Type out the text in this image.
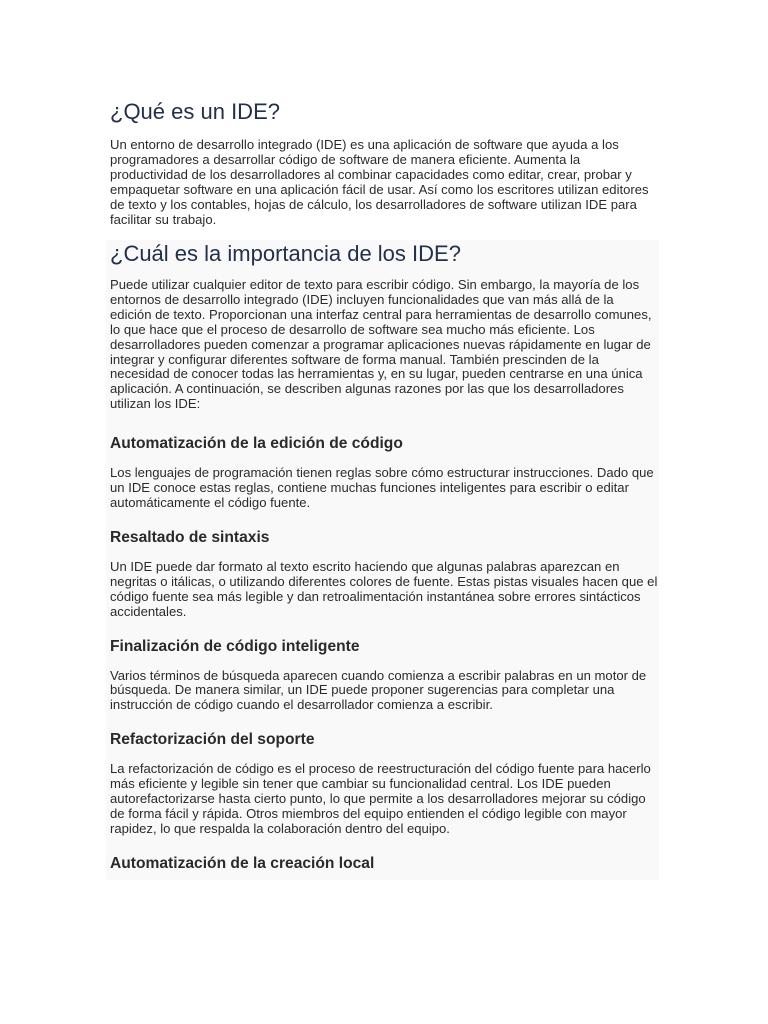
¿Qué es un IDE?

Un entorno de desarrollo integrado (IDE) es una aplicación de software que ayuda a los programadores a desarrollar código de software de manera eficiente. Aumenta la productividad de los desarrolladores al combinar capacidades como editar, crear, probar y empaquetar software en una aplicación fácil de usar. Así como los escritores utilizan editores de texto y los contables, hojas de cálculo, los desarrolladores de software utilizan IDE para facilitar su trabajo.

¿Cuál es la importancia de los IDE?

Puede utilizar cualquier editor de texto para escribir código. Sin embargo, la mayoría de los entornos de desarrollo integrado (IDE) incluyen funcionalidades que van más allá de la edición de texto. Proporcionan una interfaz central para herramientas de desarrollo comunes, lo que hace que el proceso de desarrollo de software sea mucho más eficiente. Los desarrolladores pueden comenzar a programar aplicaciones nuevas rápidamente en lugar de integrar y configurar diferentes software de forma manual. También prescinden de la necesidad de conocer todas las herramientas y, en su lugar, pueden centrarse en una única aplicación. A continuación, se describen algunas razones por las que los desarrolladores utilizan los IDE:

Automatización de la edición de código

Los lenguajes de programación tienen reglas sobre cómo estructurar instrucciones. Dado que un IDE conoce estas reglas, contiene muchas funciones inteligentes para escribir o editar automáticamente el código fuente.

Resaltado de sintaxis

Un IDE puede dar formato al texto escrito haciendo que algunas palabras aparezcan en negritas o itálicas, o utilizando diferentes colores de fuente. Estas pistas visuales hacen que el código fuente sea más legible y dan retroalimentación instantánea sobre errores sintácticos accidentales.

Finalización de código inteligente

Varios términos de búsqueda aparecen cuando comienza a escribir palabras en un motor de búsqueda. De manera similar, un IDE puede proponer sugerencias para completar una instrucción de código cuando el desarrollador comienza a escribir.

Refactorización del soporte

La refactorización de código es el proceso de reestructuración del código fuente para hacerlo más eficiente y legible sin tener que cambiar su funcionalidad central. Los IDE pueden autorefactorizarse hasta cierto punto, lo que permite a los desarrolladores mejorar su código de forma fácil y rápida. Otros miembros del equipo entienden el código legible con mayor rapidez, lo que respalda la colaboración dentro del equipo.

Automatización de la creación local
